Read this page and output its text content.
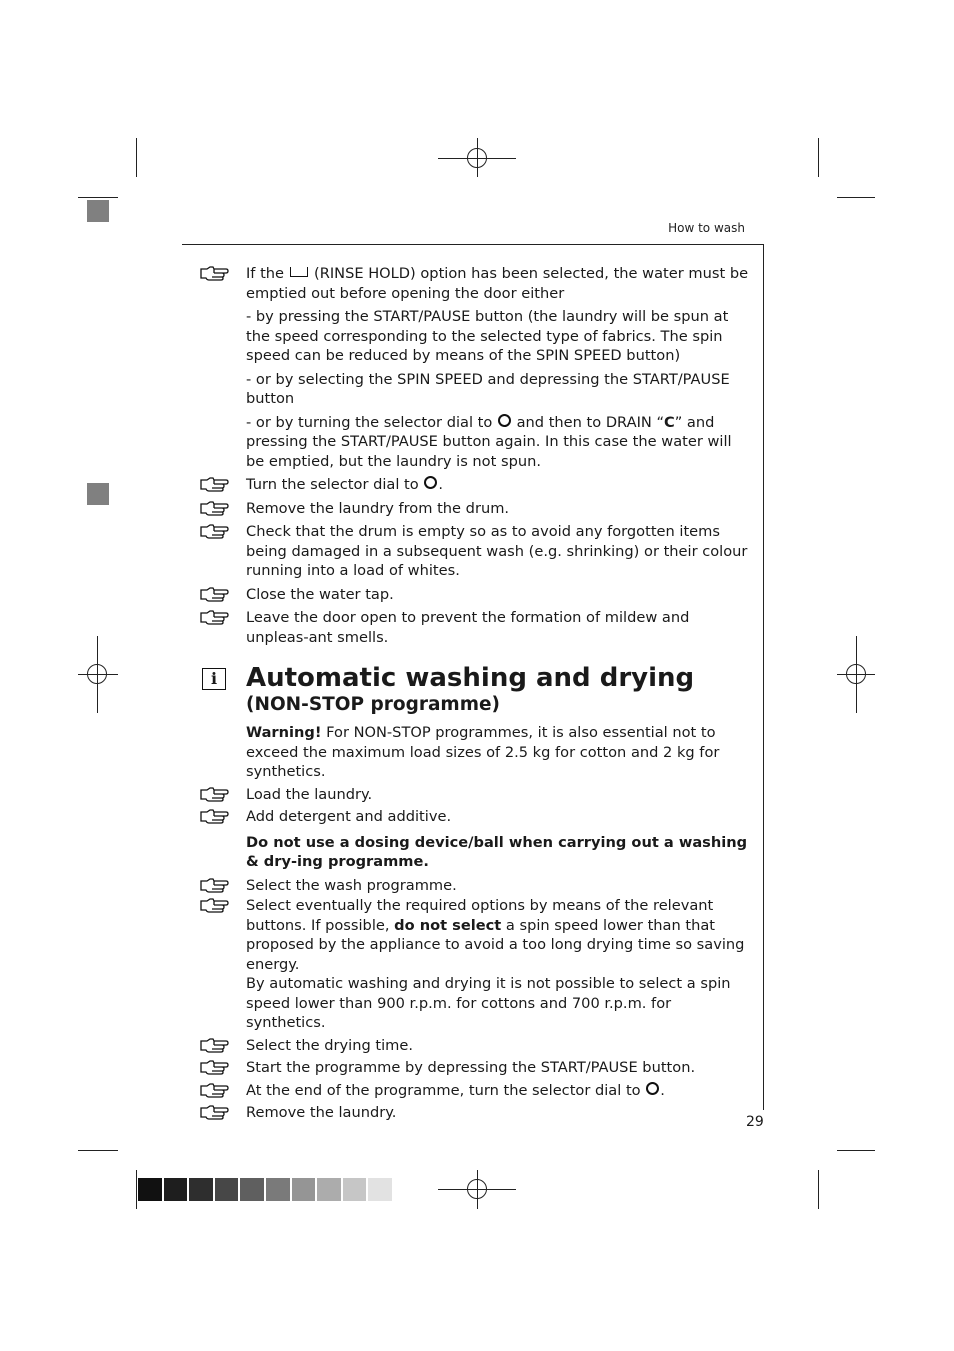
How to wash

If the (RINSE HOLD) option has been selected, the water must be emptied out before opening the door either

- by pressing the START/PAUSE button (the laundry will be spun at the speed corresponding to the selected type of fabrics. The spin speed can be reduced by means of the SPIN SPEED button)

- or by selecting the SPIN SPEED and depressing the START/PAUSE button

- or by turning the selector dial to and then to DRAIN “C” and pressing the START/PAUSE button again. In this case the water will be emptied, but the laundry is not spun.

Turn the selector dial to .

Remove the laundry from the drum.

Check that the drum is empty so as to avoid any forgotten items being damaged in a subsequent wash (e.g. shrinking) or their colour running into a load of whites.

Close the water tap.

Leave the door open to prevent the formation of mildew and unpleas-ant smells.

i	Automatic washing and drying
(NON-STOP programme)

Warning! For NON-STOP programmes, it is also essential not to exceed the maximum load sizes of 2.5 kg for cotton and 2 kg for synthetics.

Load the laundry.

Add detergent and additive.

Do not use a dosing device/ball when carrying out a washing & dry-ing programme.

Select the wash programme.

Select eventually the required options by means of the relevant buttons. If possible, do not select a spin speed lower than that proposed by the appliance to avoid a too long drying time so saving energy.

By automatic washing and drying it is not possible to select a spin speed lower than 900 r.p.m. for cottons and 700 r.p.m. for synthetics.

Select the drying time.

Start the programme by depressing the START/PAUSE button.

At the end of the programme, turn the selector dial to .

Remove the laundry.

29
